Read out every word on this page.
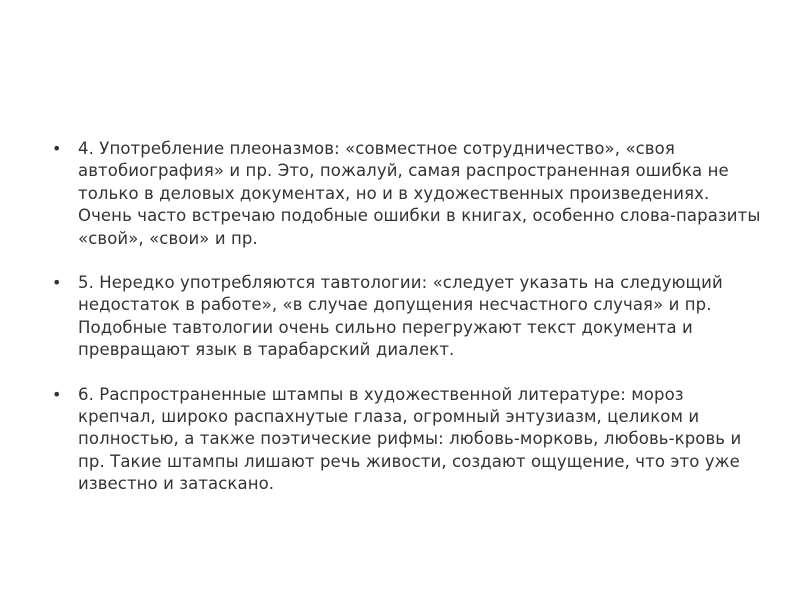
• 4. Употребление плеоназмов: «совместное сотрудничество», «своя автобиография» и пр. Это, пожалуй, самая распространенная ошибка не только в деловых документах, но и в художественных произведениях. Очень часто встречаю подобные ошибки в книгах, особенно слова-паразиты «свой», «свои» и пр.
• 5. Нередко употребляются тавтологии: «следует указать на следующий недостаток в работе», «в случае допущения несчастного случая» и пр. Подобные тавтологии очень сильно перегружают текст документа и превращают язык в тарабарский диалект.
• 6. Распространенные штампы в художественной литературе: мороз крепчал, широко распахнутые глаза, огромный энтузиазм, целиком и полностью, а также поэтические рифмы: любовь-морковь, любовь-кровь и пр. Такие штампы лишают речь живости, создают ощущение, что это уже известно и затаскано.
